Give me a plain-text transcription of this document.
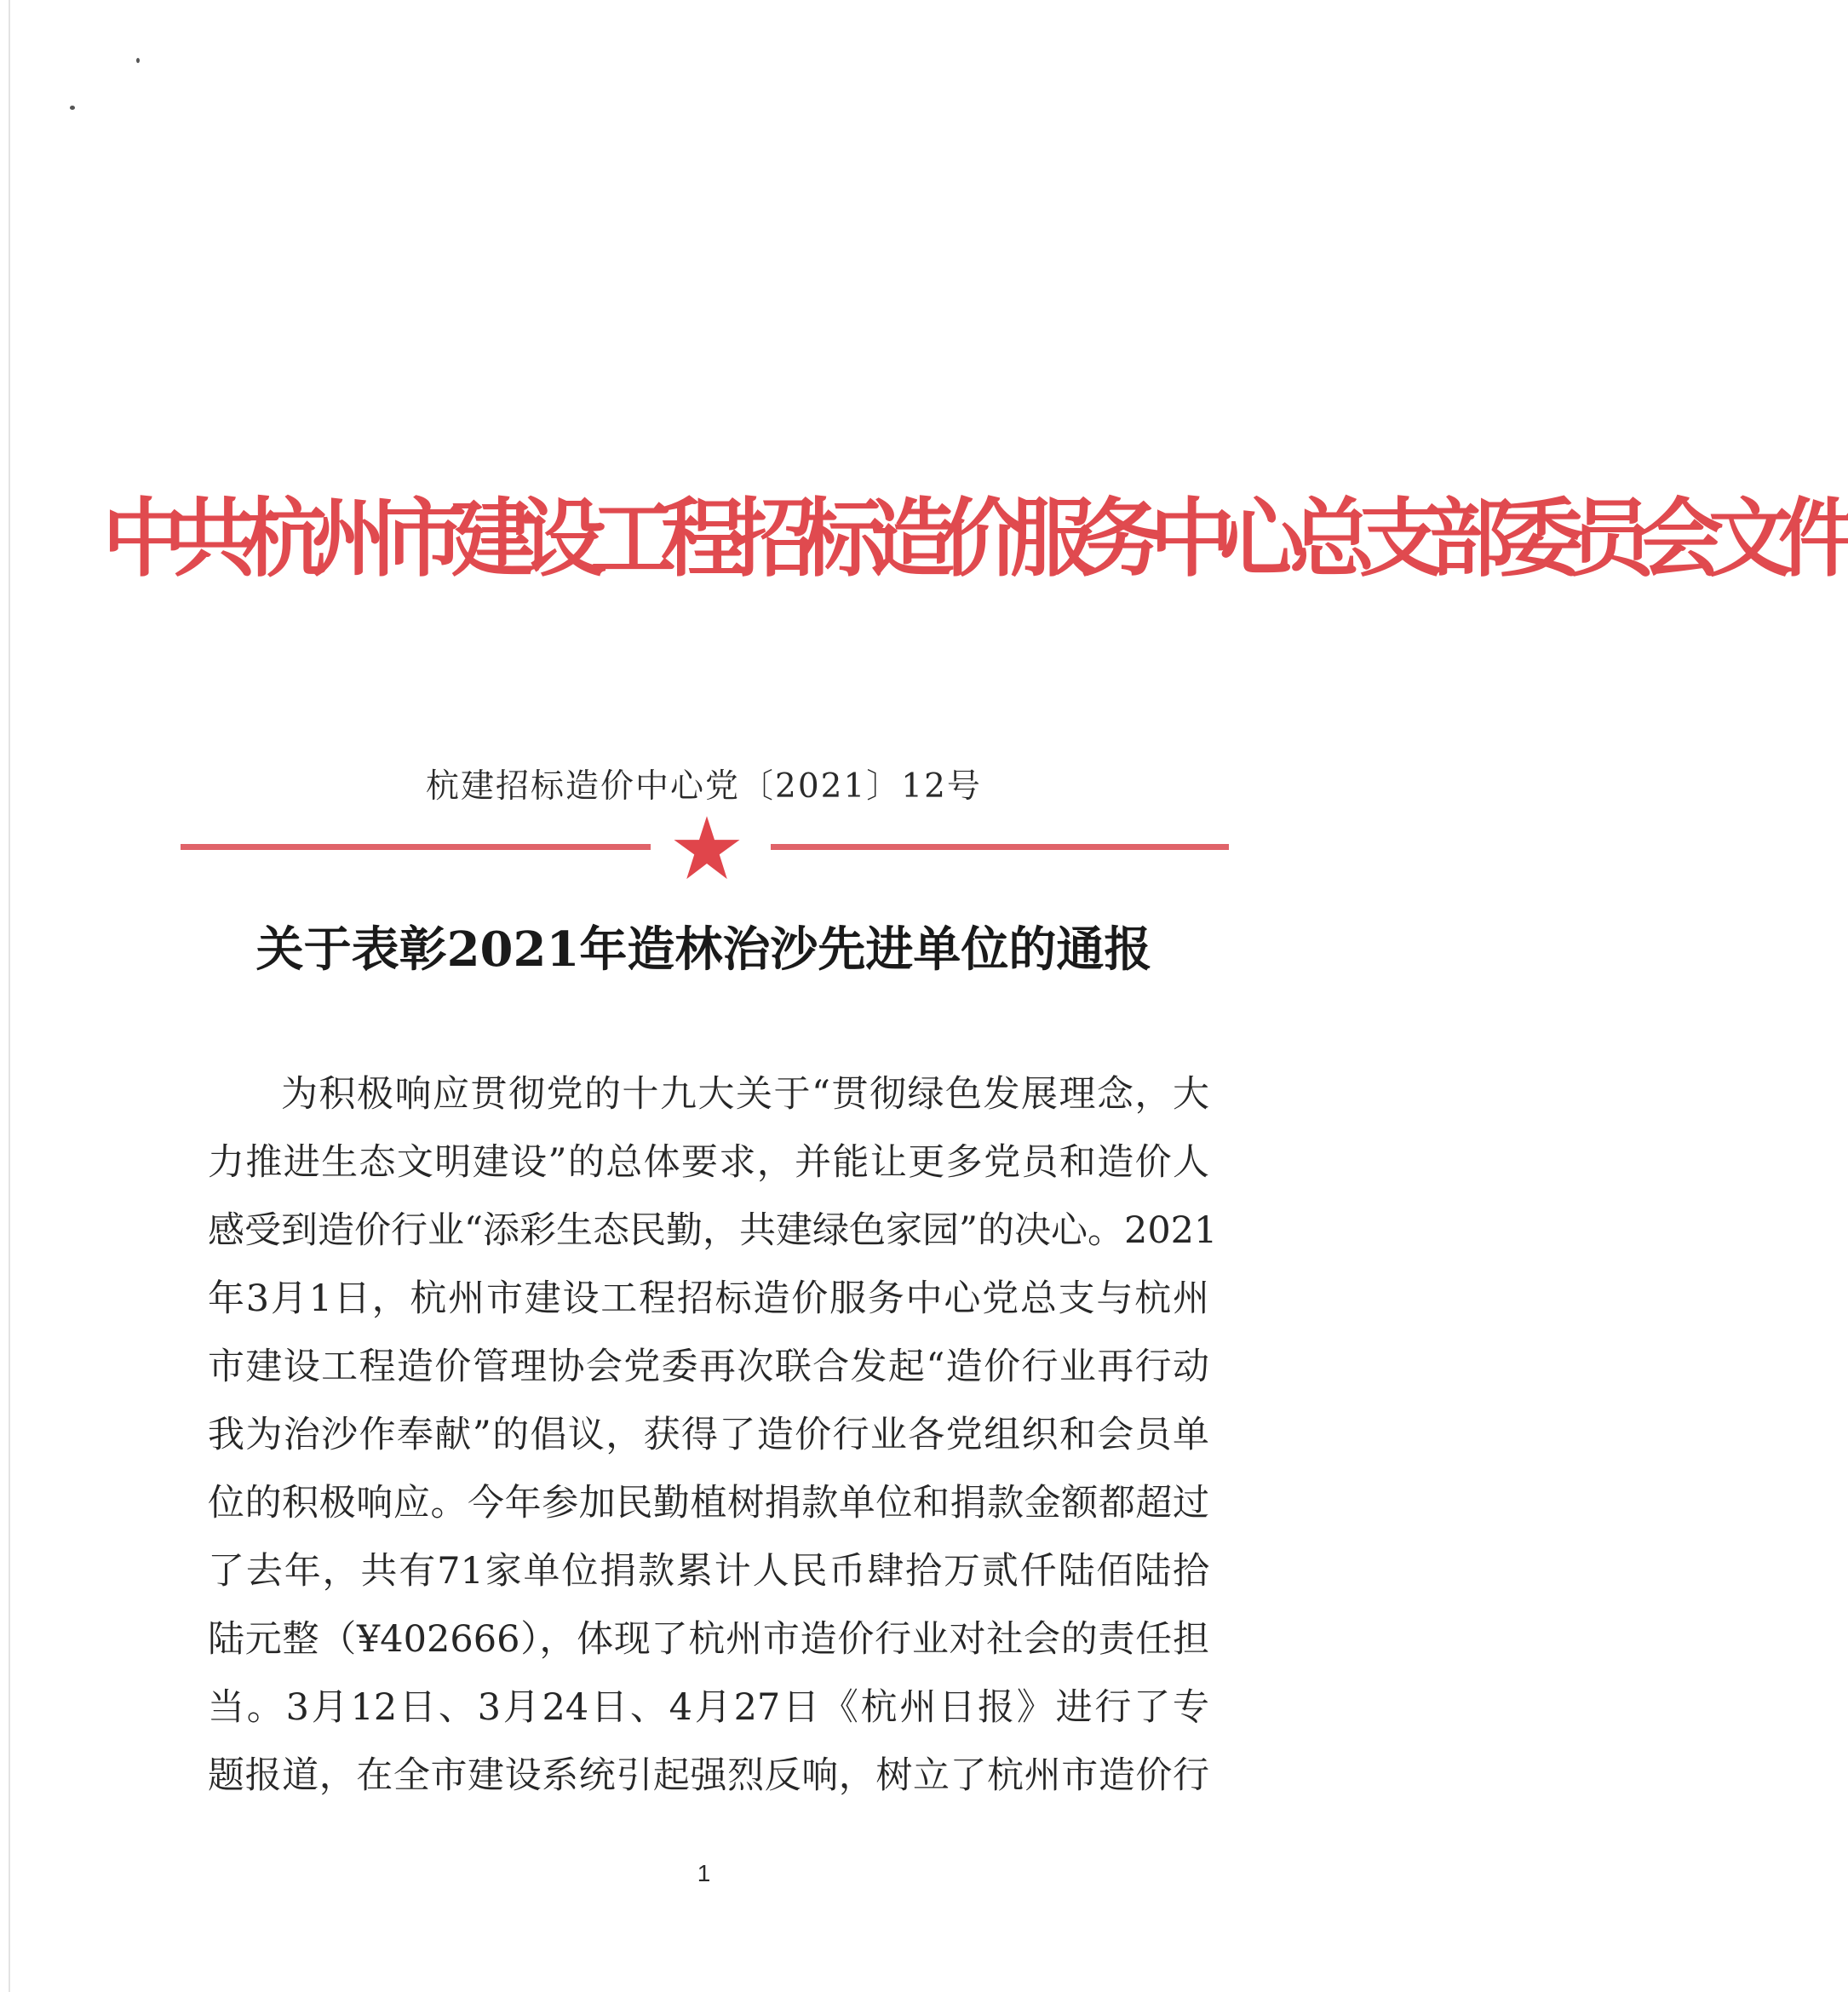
中共杭州市建设工程招标造价服务中心总支部委员会文件
杭建招标造价中心党〔2021〕12号
关于表彰2021年造林治沙先进单位的通报
为积极响应贯彻党的十九大关于“贯彻绿色发展理念，大
力推进生态文明建设”的总体要求，并能让更多党员和造价人
感受到造价行业“添彩生态民勤，共建绿色家园”的决心。2021
年3月1日，杭州市建设工程招标造价服务中心党总支与杭州
市建设工程造价管理协会党委再次联合发起“造价行业再行动
我为治沙作奉献”的倡议，获得了造价行业各党组织和会员单
位的积极响应。今年参加民勤植树捐款单位和捐款金额都超过
了去年，共有71家单位捐款累计人民币肆拾万贰仟陆佰陆拾
陆元整（¥402666），体现了杭州市造价行业对社会的责任担
当。3月12日、3月24日、4月27日《杭州日报》进行了专
题报道，在全市建设系统引起强烈反响，树立了杭州市造价行
1
